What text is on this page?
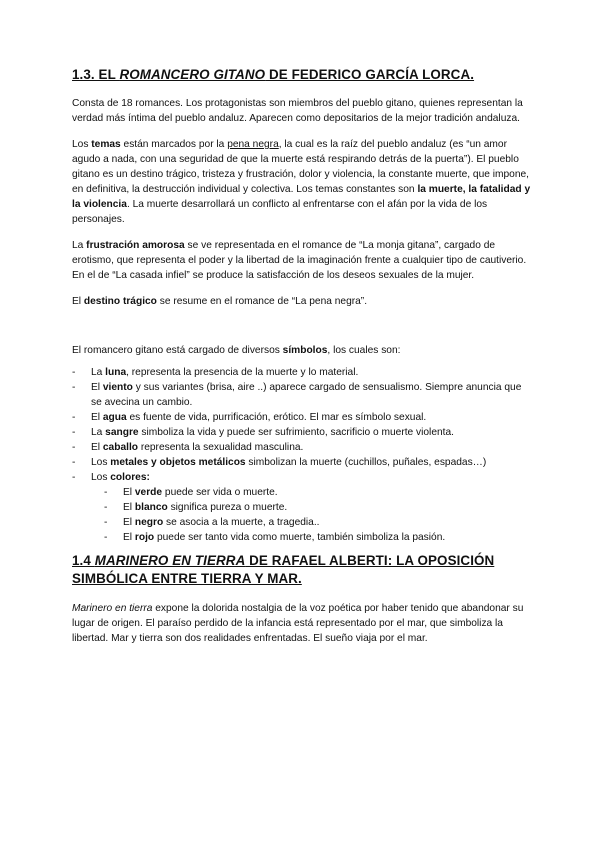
1.3. EL ROMANCERO GITANO DE FEDERICO GARCÍA LORCA.

Consta de 18 romances. Los protagonistas son miembros del pueblo gitano, quienes representan la verdad más íntima del pueblo andaluz. Aparecen como depositarios de la mejor tradición andaluza.

Los temas están marcados por la pena negra, la cual es la raíz del pueblo andaluz (es “un amor agudo a nada, con una seguridad de que la muerte está respirando detrás de la puerta”). El pueblo gitano es un destino trágico, tristeza y frustración, dolor y violencia, la constante muerte, que impone, en definitiva, la destrucción individual y colectiva. Los temas constantes son la muerte, la fatalidad y la violencia. La muerte desarrollará un conflicto al enfrentarse con el afán por la vida de los personajes.

La frustración amorosa se ve representada en el romance de “La monja gitana”, cargado de erotismo, que representa el poder y la libertad de la imaginación frente a cualquier tipo de cautiverio. En el de “La casada infiel” se produce la satisfacción de los deseos sexuales de la mujer.

El destino trágico se resume en el romance de “La pena negra”.

El romancero gitano está cargado de diversos símbolos, los cuales son:

- La luna, representa la presencia de la muerte y lo material.
- El viento y sus variantes (brisa, aire ..) aparece cargado de sensualismo. Siempre anuncia que se avecina un cambio.
- El agua es fuente de vida, purrificación, erótico. El mar es símbolo sexual.
- La sangre simboliza la vida y puede ser sufrimiento, sacrificio o muerte violenta.
- El caballo representa la sexualidad masculina.
- Los metales y objetos metálicos simbolizan la muerte (cuchillos, puñales, espadas…)
- Los colores:
- El verde puede ser vida o muerte.
- El blanco significa pureza o muerte.
- El negro se asocia a la muerte, a tragedia..
- El rojo puede ser tanto vida como muerte, también simboliza la pasión.
1.4 MARINERO EN TIERRA DE RAFAEL ALBERTI: LA OPOSICIÓN SIMBÓLICA ENTRE TIERRA Y MAR.

Marinero en tierra expone la dolorida nostalgia de la voz poética por haber tenido que abandonar su lugar de origen. El paraíso perdido de la infancia está representado por el mar, que simboliza la libertad. Mar y tierra son dos realidades enfrentadas. El sueño viaja por el mar.
